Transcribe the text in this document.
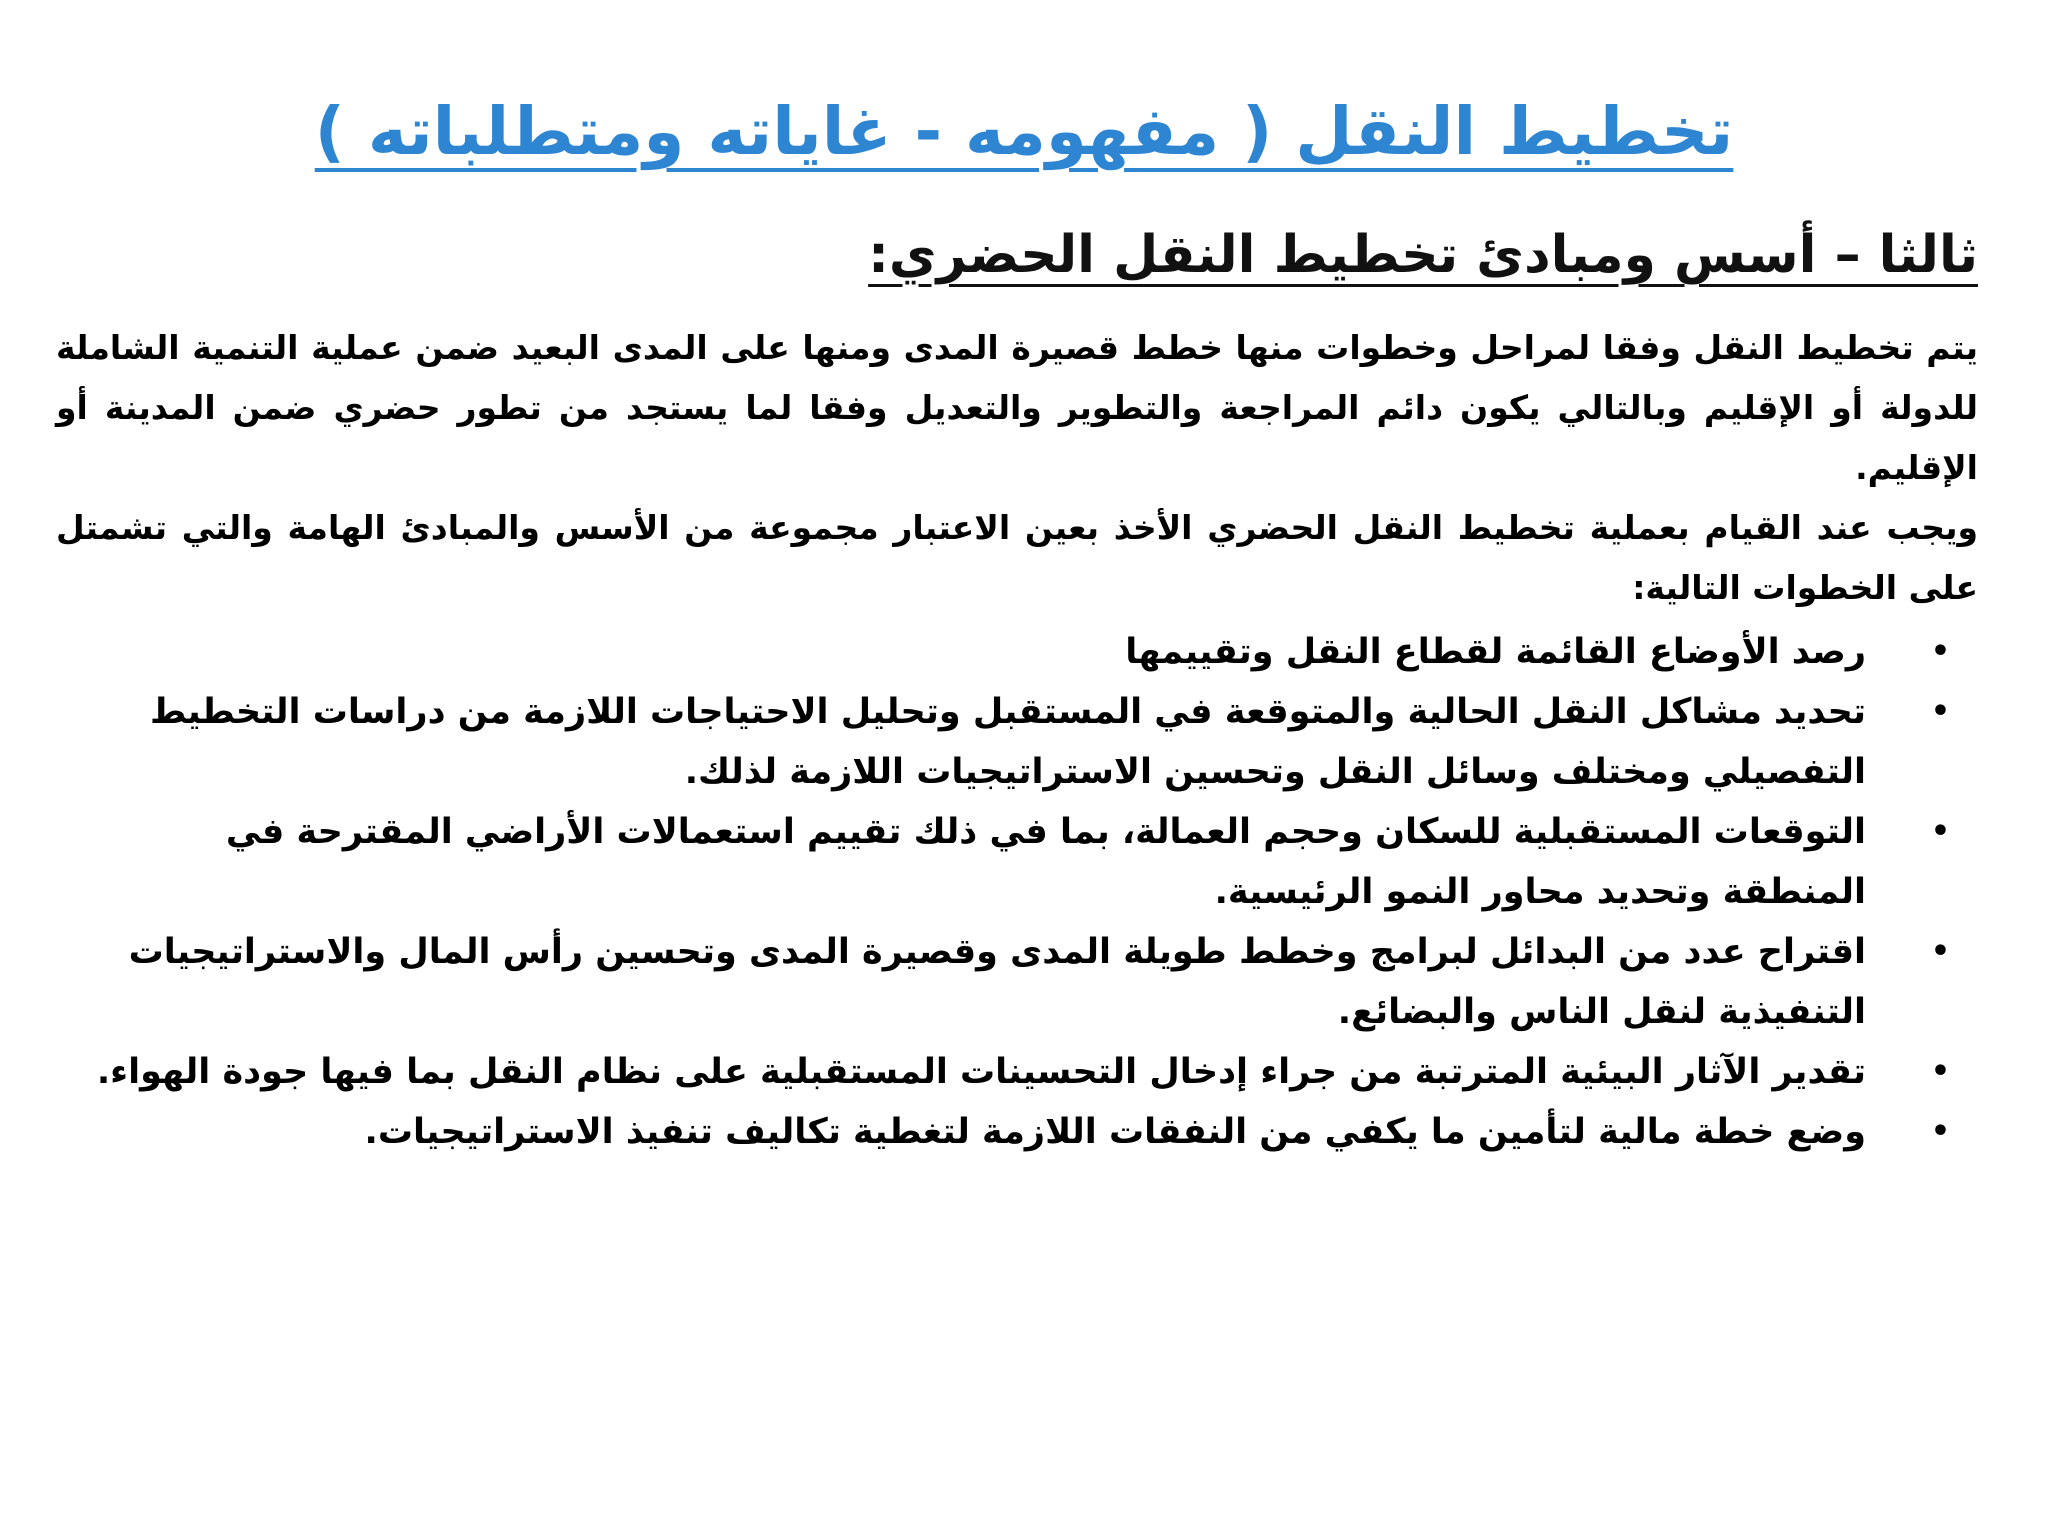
تخطيط النقل ( مفهومه - غاياته ومتطلباته )
ثالثا – أسس ومبادئ تخطيط النقل الحضري:

يتم تخطيط النقل وفقا لمراحل وخطوات منها خطط قصيرة المدى ومنها على المدى البعيد ضمن عملية التنمية الشاملة للدولة أو الإقليم وبالتالي يكون دائم المراجعة والتطوير والتعديل وفقا لما يستجد من تطور حضري ضمن المدينة أو الإقليم.

ويجب عند القيام بعملية تخطيط النقل الحضري الأخذ بعين الاعتبار مجموعة من الأسس والمبادئ الهامة والتي تشمتل على الخطوات التالية:

•
رصد الأوضاع القائمة لقطاع النقل وتقييمها
•
تحديد مشاكل النقل الحالية والمتوقعة في المستقبل وتحليل الاحتياجات اللازمة من دراسات التخطيط التفصيلي ومختلف وسائل النقل وتحسين الاستراتيجيات اللازمة لذلك.
•
التوقعات المستقبلية للسكان وحجم العمالة، بما في ذلك تقييم استعمالات الأراضي المقترحة في المنطقة وتحديد محاور النمو الرئيسية.
•
اقتراح عدد من البدائل لبرامج وخطط طويلة المدى وقصيرة المدى وتحسين رأس المال والاستراتيجيات التنفيذية لنقل الناس والبضائع.
•
تقدير الآثار البيئية المترتبة من جراء إدخال التحسينات المستقبلية على نظام النقل بما فيها جودة الهواء.
•
وضع خطة مالية لتأمين ما يكفي من النفقات اللازمة لتغطية تكاليف تنفيذ الاستراتيجيات.
